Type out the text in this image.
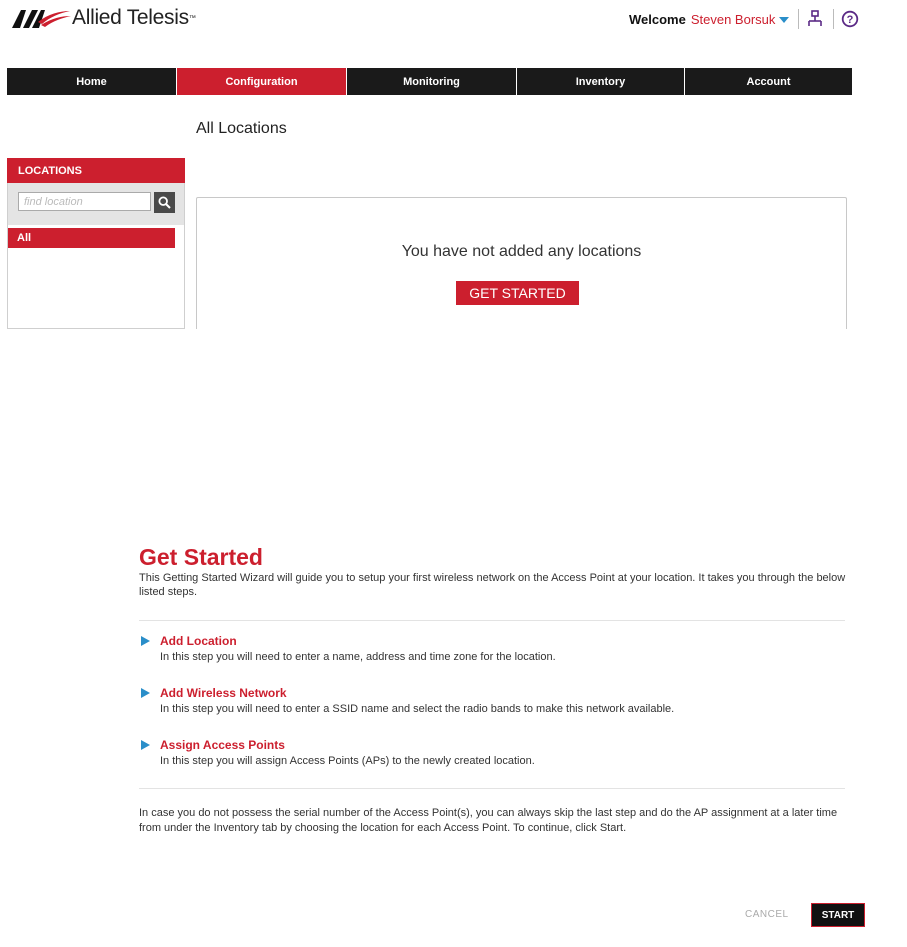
Allied Telesis ™	Welcome Steven Borsuk	?
Home	Configuration	Monitoring	Inventory	Account
All Locations
LOCATIONS
find location
All
You have not added any locations
GET STARTED
Get Started
This Getting Started Wizard will guide you to setup your first wireless network on the Access Point at your location. It takes you through the below listed steps.
Add Location
In this step you will need to enter a name, address and time zone for the location.
Add Wireless Network
In this step you will need to enter a SSID name and select the radio bands to make this network available.
Assign Access Points
In this step you will assign Access Points (APs) to the newly created location.
In case you do not possess the serial number of the Access Point(s), you can always skip the last step and do the AP assignment at a later time from under the Inventory tab by choosing the location for each Access Point. To continue, click Start.
CANCEL	START
